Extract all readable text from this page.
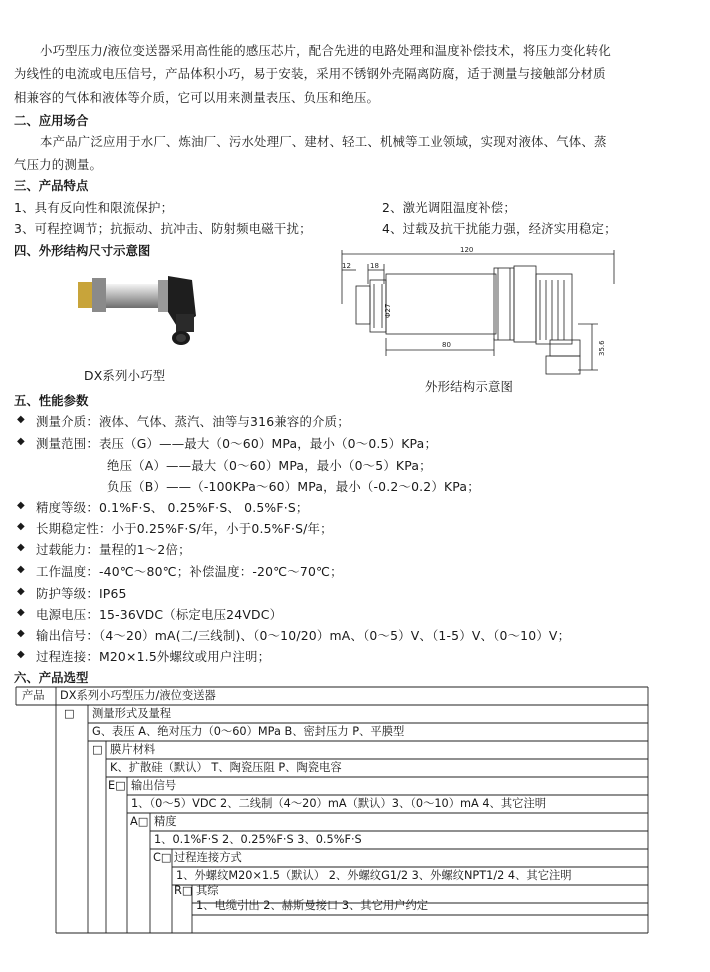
小巧型压力/液位变送器采用高性能的感压芯片，配合先进的电路处理和温度补偿技术，将压力变化转化
为线性的电流或电压信号，产品体积小巧，易于安装，采用不锈钢外壳隔离防腐，适于测量与接触部分材质
相兼容的气体和液体等介质，它可以用来测量表压、负压和绝压。
二、应用场合
本产品广泛应用于水厂、炼油厂、污水处理厂、建材、轻工、机械等工业领域，实现对液体、气体、蒸
气压力的测量。
三、产品特点
1、具有反向性和限流保护；	2、激光调阻温度补偿；
3、可程控调节；抗振动、抗冲击、防射频电磁干扰；	4、过载及抗干扰能力强，经济实用稳定；
四、外形结构尺寸示意图
DX系列小巧型
120
12	18
Φ27
80	35.6
外形结构示意图
五、性能参数
◆ 测量介质：液体、气体、蒸汽、油等与316兼容的介质；
◆ 测量范围：表压（G）——最大（0～60）MPa，最小（0～0.5）KPa；
绝压（A）——最大（0～60）MPa，最小（0～5）KPa；
负压（B）——（-100KPa～60）MPa，最小（-0.2～0.2）KPa；
◆ 精度等级：0.1%F·S、 0.25%F·S、 0.5%F·S；
◆ 长期稳定性：小于0.25%F·S/年，小于0.5%F·S/年；
◆ 过载能力：量程的1～2倍；
◆ 工作温度：-40℃～80℃；补偿温度：-20℃～70℃；
◆ 防护等级：IP65
◆ 电源电压：15-36VDC（标定电压24VDC）
◆ 输出信号：（4～20）mA(二/三线制)、（0～10/20）mA、（0～5）V、（1-5）V、（0～10）V；
◆ 过程连接：M20×1.5外螺纹或用户注明；
六、产品选型
产品 DX系列小巧型压力/液位变送器
□ 测量形式及量程
G、表压 A、绝对压力（0～60）MPa B、密封压力 P、平膜型
□ 膜片材料
K、扩散硅（默认） T、陶瓷压阻 P、陶瓷电容
E□ 输出信号
1、（0～5）VDC 2、二线制（4～20）mA（默认）3、（0～10）mA 4、其它注明
A□ 精度
1、0.1%F·S 2、0.25%F·S 3、0.5%F·S
C□ 过程连接方式
1、外螺纹M20×1.5（默认） 2、外螺纹G1/2 3、外螺纹NPT1/2 4、其它注明
R□ 其综
1、电缆引出 2、赫斯曼接口 3、其它用户约定
